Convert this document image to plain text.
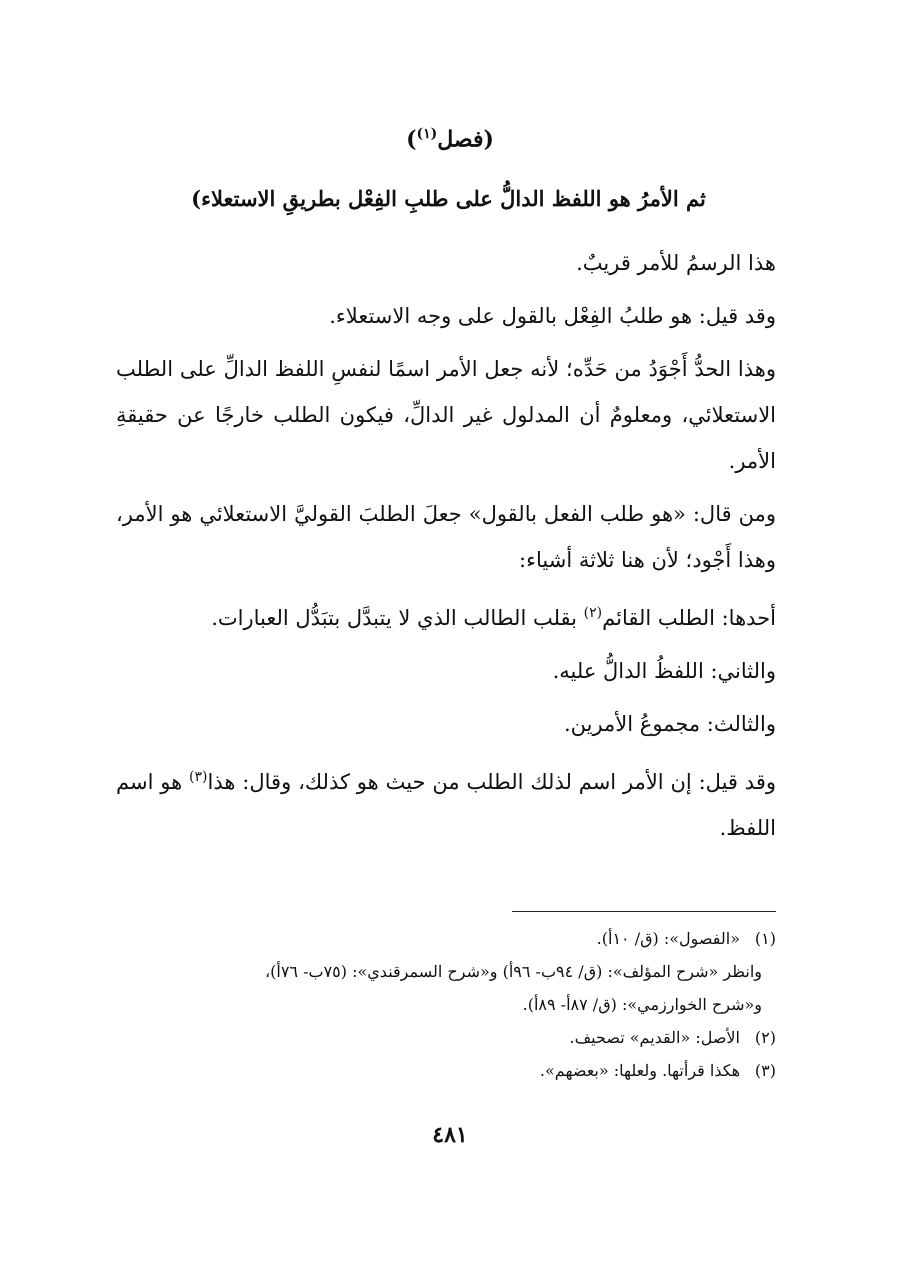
(فصل$^{(١)}$)
ثم الأمرُ هو اللفظ الدالُّ على طلبِ الفِعْل بطريقِ الاستعلاء)

هذا الرسمُ للأمر قريبٌ.

وقد قيل: هو طلبُ الفِعْل بالقول على وجه الاستعلاء.

وهذا الحدُّ أَجْوَدُ من حَدِّه؛ لأنه جعل الأمر اسمًا لنفسِ اللفظ الدالِّ على الطلب الاستعلائي، ومعلومٌ أن المدلول غير الدالِّ، فيكون الطلب خارجًا عن حقيقةِ الأمر.

ومن قال: «هو طلب الفعل بالقول» جعلَ الطلبَ القوليَّ الاستعلائي هو الأمر، وهذا أَجْود؛ لأن هنا ثلاثة أشياء:

أحدها: الطلب القائم$^{(٢)}$ بقلب الطالب الذي لا يتبدَّل بتبَدُّل العبارات.

والثاني: اللفظُ الدالُّ عليه.

والثالث: مجموعُ الأمرين.

وقد قيل: إن الأمر اسم لذلك الطلب من حيث هو كذلك، وقال: هذا$^{(٣)}$ هو اسم اللفظ.

(١)«الفصول»: (ق/ ١٠أ).
وانظر «شرح المؤلف»: (ق/ ٩٤ب- ٩٦أ) و«شرح السمرقندي»: (٧٥ب- ٧٦أ)،
و«شرح الخوارزمي»: (ق/ ٨٧أ- ٨٩أ).
(٢)الأصل: «القديم» تصحيف.
(٣)هكذا قرأتها. ولعلها: «بعضهم».
٤٨١
